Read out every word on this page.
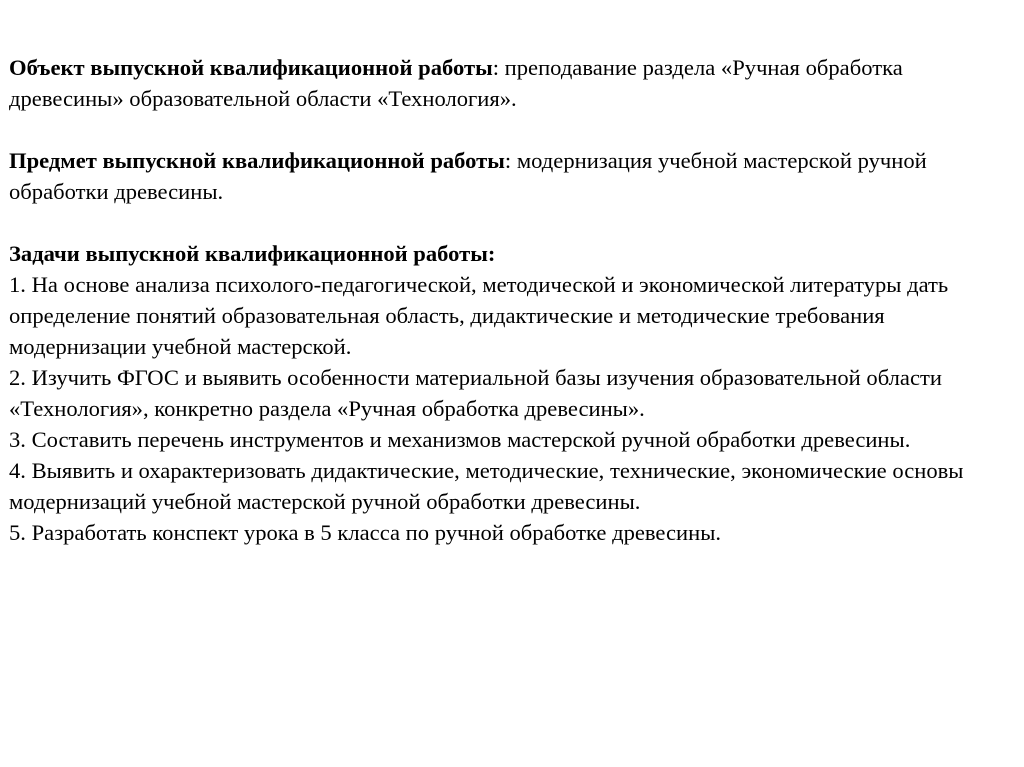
Объект выпускной квалификационной работы: преподавание раздела «Ручная обработка древесины» образовательной области «Технология».

Предмет выпускной квалификационной работы: модернизация учебной мастерской ручной обработки древесины.

Задачи выпускной квалификационной работы:

1. На основе анализа психолого-педагогической, методической и экономической литературы дать определение понятий образовательная область, дидактические и методические требования модернизации учебной мастерской.
2. Изучить ФГОС и выявить особенности материальной базы изучения образовательной области «Технология», конкретно раздела «Ручная обработка древесины».
3. Составить перечень инструментов и механизмов мастерской ручной обработки древесины.
4. Выявить и охарактеризовать дидактические, методические, технические, экономические основы модернизаций учебной мастерской ручной обработки древесины.
5. Разработать конспект урока в 5 класса по ручной обработке древесины.
